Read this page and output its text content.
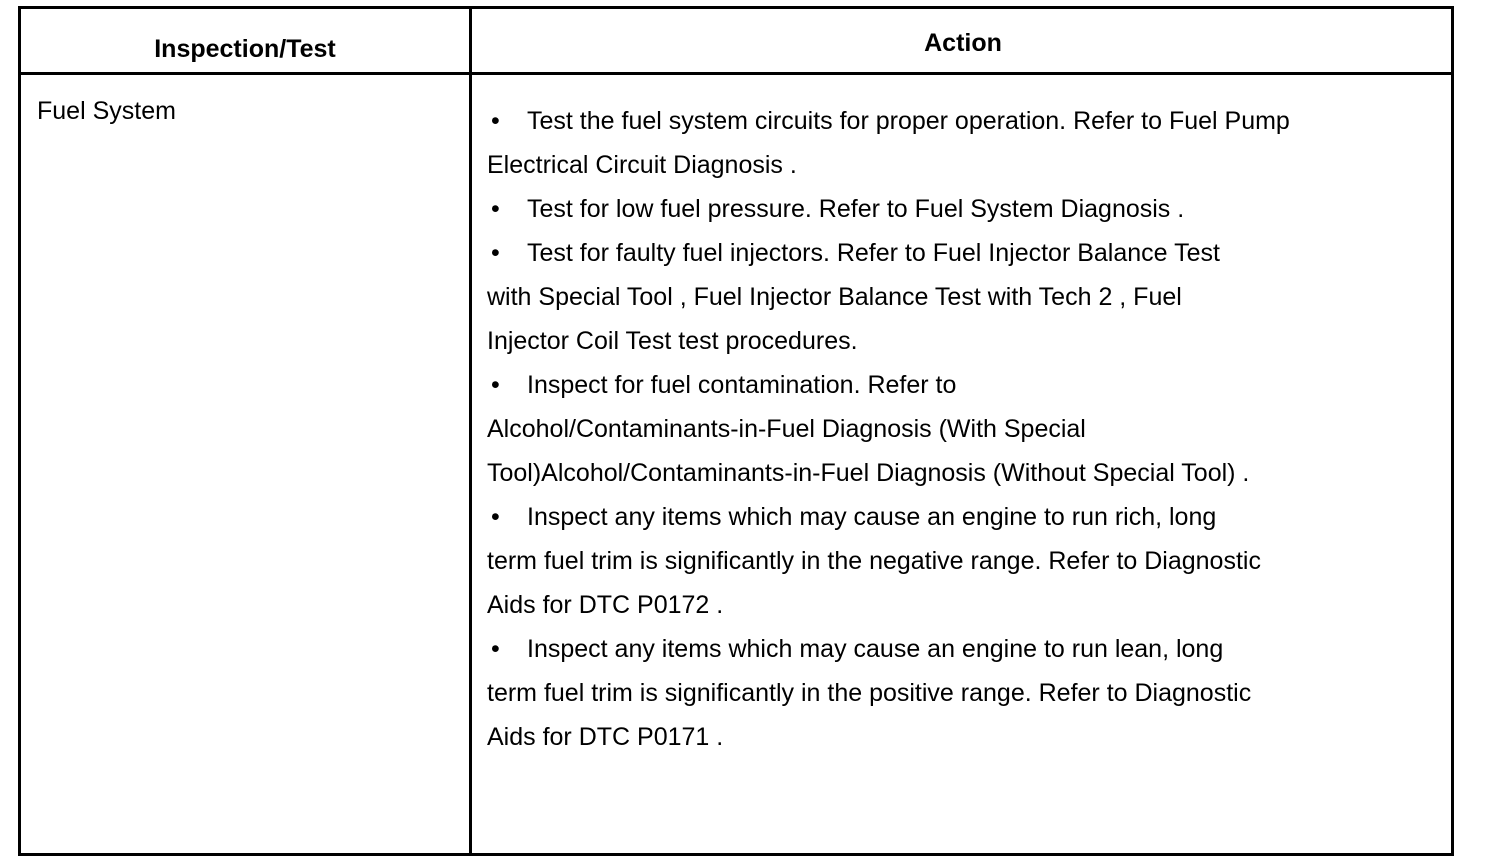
Inspection/Test	Action
Fuel System	• Test the fuel system circuits for proper operation. Refer to Fuel Pump
Electrical Circuit Diagnosis .
• Test for low fuel pressure. Refer to Fuel System Diagnosis .
• Test for faulty fuel injectors. Refer to Fuel Injector Balance Test
with Special Tool , Fuel Injector Balance Test with Tech 2 , Fuel
Injector Coil Test test procedures.
• Inspect for fuel contamination. Refer to
Alcohol/Contaminants-in-Fuel Diagnosis (With Special
Tool)Alcohol/Contaminants-in-Fuel Diagnosis (Without Special Tool) .
• Inspect any items which may cause an engine to run rich, long
term fuel trim is significantly in the negative range. Refer to Diagnostic
Aids for DTC P0172 .
• Inspect any items which may cause an engine to run lean, long
term fuel trim is significantly in the positive range. Refer to Diagnostic
Aids for DTC P0171 .
